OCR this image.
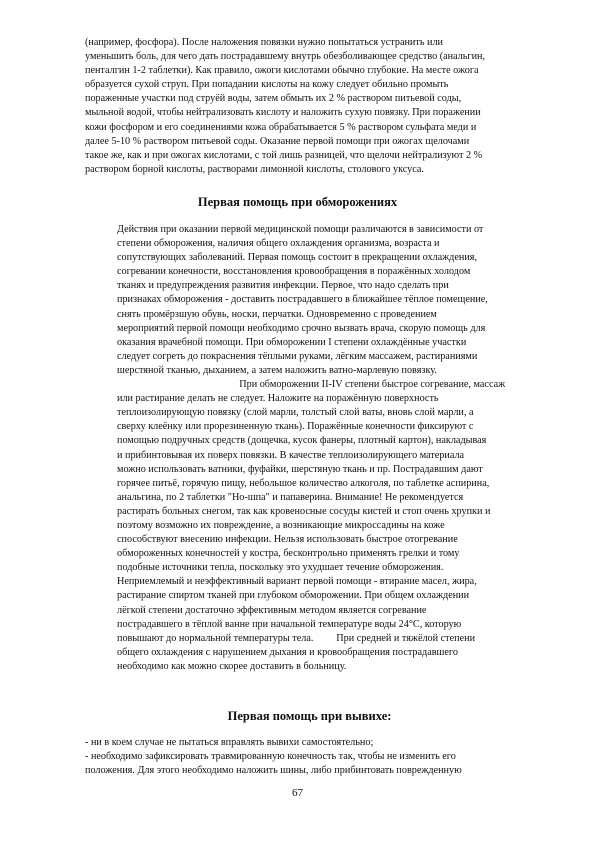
(например, фосфора). После наложения повязки нужно попытаться устранить или
уменьшить боль, для чего дать пострадавшему внутрь обезболивающее средство (анальгин,
пенталгин 1-2 таблетки). Как правило, ожоги кислотами обычно глубокие. На месте ожога
образуется сухой струп. При попадании кислоты на кожу следует обильно промыть
пораженные участки под струёй воды, затем обмыть их 2 % раствором питьевой соды,
мыльной водой, чтобы нейтрализовать кислоту и наложить сухую повязку. При поражении
кожи фосфором и его соединениями кожа обрабатывается 5 % раствором сульфата меди и
далее 5-10 % раствором питьевой соды. Оказание первой помощи при ожогах щелочами
такое же, как и при ожогах кислотами, с той лишь разницей, что щелочи нейтрализуют 2 %
раствором борной кислоты, растворами лимонной кислоты, столового уксуса.
Первая помощь при обморожениях
Действия при оказании первой медицинской помощи различаются в зависимости от
степени обморожения, наличия общего охлаждения организма, возраста и
сопутствующих заболеваний. Первая помощь состоит в прекращении охлаждения,
согревании конечности, восстановления кровообращения в поражённых холодом
тканях и предупреждения развития инфекции. Первое, что надо сделать при
признаках обморожения - доставить пострадавшего в ближайшее тёплое помещение,
снять промёрзшую обувь, носки, перчатки. Одновременно с проведением
мероприятий первой помощи необходимо срочно вызвать врача, скорую помощь для
оказания врачебной помощи. При обморожении I степени охлаждённые участки
следует согреть до покраснения тёплыми руками, лёгким массажем, растираниями
шерстяной тканью, дыханием, а затем наложить ватно-марлевую повязку.
При обморожении II-IV степени быстрое согревание, массаж
или растирание делать не следует. Наложите на поражённую поверхность
теплоизолирующую повязку (слой марли, толстый слой ваты, вновь слой марли, а
сверху клеёнку или прорезиненную ткань). Поражённые конечности фиксируют с
помощью подручных средств (дощечка, кусок фанеры, плотный картон), накладывая
и прибинтовывая их поверх повязки. В качестве теплоизолирующего материала
можно использовать ватники, фуфайки, шерстяную ткань и пр. Пострадавшим дают
горячее питьё, горячую пищу, небольшое количество алкоголя, по таблетке аспирина,
анальгина, по 2 таблетки "Но-шпа" и папаверина. Внимание! Не рекомендуется
растирать больных снегом, так как кровеносные сосуды кистей и стоп очень хрупки и
поэтому возможно их повреждение, а возникающие микроссадины на коже
способствуют внесению инфекции. Нельзя использовать быстрое отогревание
обмороженных конечностей у костра, бесконтрольно применять грелки и тому
подобные источники тепла, поскольку это ухудшает течение обморожения.
Неприемлемый и неэффективный вариант первой помощи - втирание масел, жира,
растирание спиртом тканей при глубоком обморожении. При общем охлаждении
лёгкой степени достаточно эффективным методом является согревание
пострадавшего в тёплой ванне при начальной температуре воды 24°С, которую
повышают до нормальной температуры тела.         При средней и тяжёлой степени
общего охлаждения с нарушением дыхания и кровообращения пострадавшего
необходимо как можно скорее доставить в больницу.
Первая помощь при вывихе:
- ни в коем случае не пытаться вправлять вывихи самостоятельно;
- необходимо зафиксировать травмированную конечность так, чтобы не изменить его
положения. Для этого необходимо наложить шины, либо прибинтовать поврежденную

67
